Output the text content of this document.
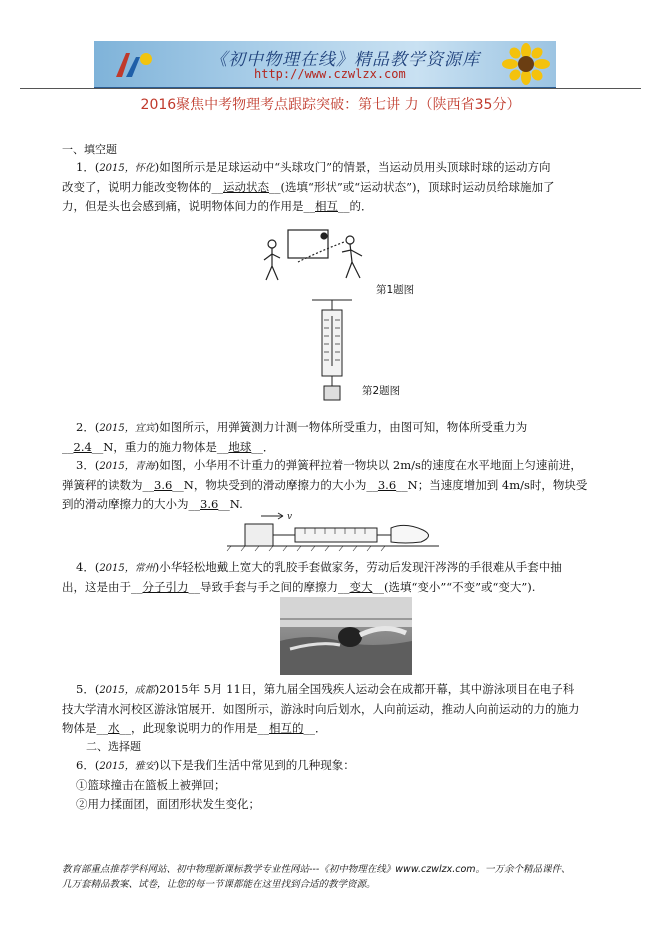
《初中物理在线》精品教学资源库
http://www.czwlzx.com
2016聚焦中考物理考点跟踪突破：第七讲 力（陕西省35分）
一、填空题
1．(2015，怀化)如图所示是足球运动中“头球攻门”的情景，当运动员用头顶球时球的运动方向
改变了，说明力能改变物体的__运动状态__(选填“形状”或“运动状态”)，顶球时运动员给球施加了
力，但是头也会感到痛，说明物体间力的作用是__相互__的．
第1题图
第2题图
2．(2015，宜宾)如图所示，用弹簧测力计测一物体所受重力，由图可知，物体所受重力为
__2.4__N，重力的施力物体是__地球__．
3．(2015，青海)如图，小华用不计重力的弹簧秤拉着一物块以 2m/s的速度在水平地面上匀速前进，
弹簧秤的读数为__3.6__N，物块受到的滑动摩擦力的大小为__3.6__N；当速度增加到 4m/s时，物块受
到的滑动摩擦力的大小为__3.6__N.
v
4．(2015，常州)小华轻松地戴上宽大的乳胶手套做家务，劳动后发现汗涔涔的手很难从手套中抽
出，这是由于__分子引力__导致手套与手之间的摩擦力__变大__(选填“变小”“不变”或“变大”).
5．(2015，成都)2015年 5月 11日，第九届全国残疾人运动会在成都开幕，其中游泳项目在电子科
技大学清水河校区游泳馆展开．如图所示，游泳时向后划水，人向前运动，推动人向前运动的力的施力
物体是__水__，此现象说明力的作用是__相互的__．
二、选择题
6．(2015，雅安)以下是我们生活中常见到的几种现象：
①篮球撞击在篮板上被弹回；
②用力揉面团，面团形状发生变化；
教育部重点推荐学科网站、初中物理新课标教学专业性网站---《初中物理在线》www.czwlzx.com。一万余个精品课件、
几万套精品教案、试卷，让您的每一节课都能在这里找到合适的教学资源。
